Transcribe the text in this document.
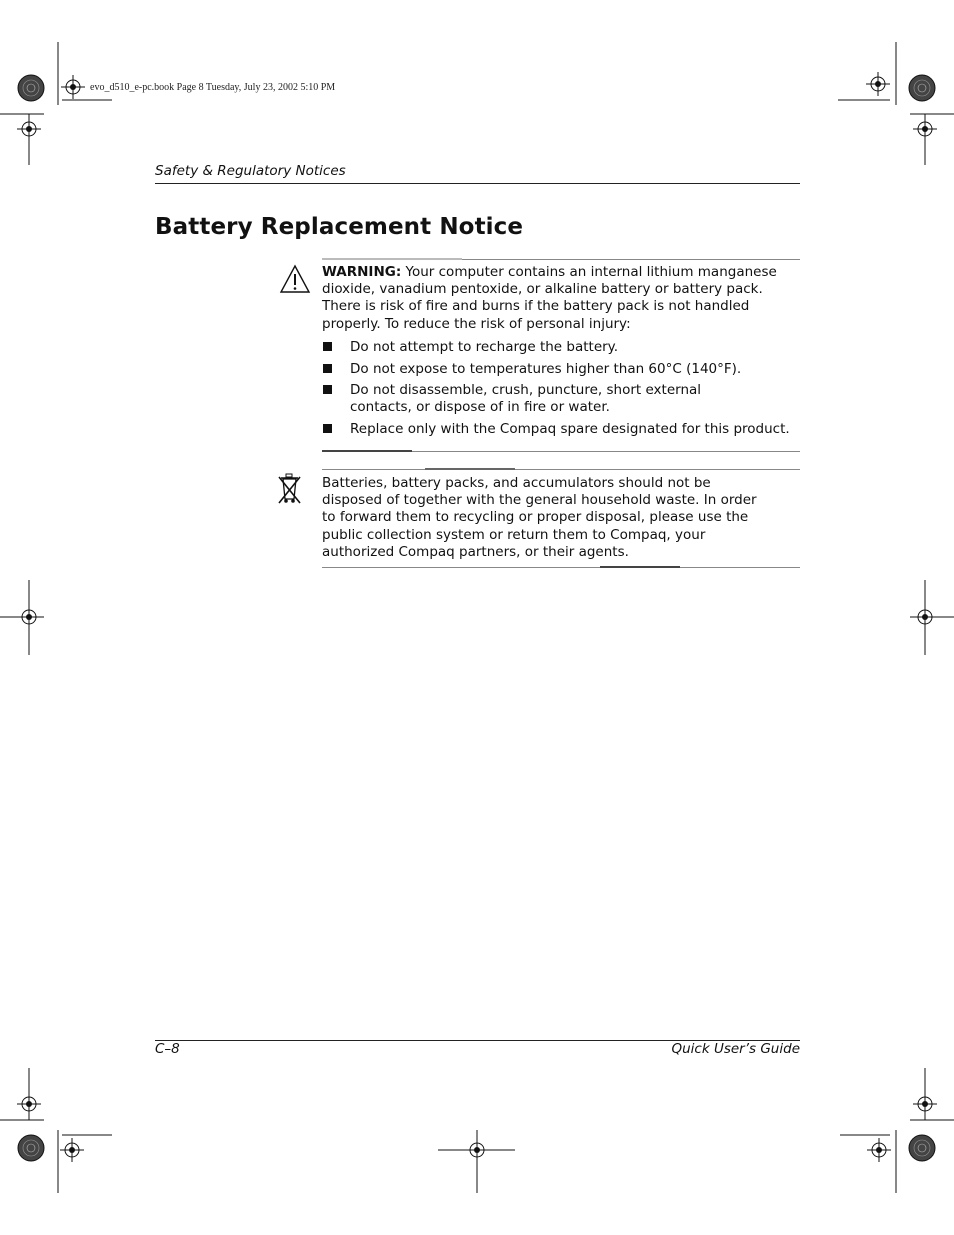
evo_d510_e-pc.book Page 8 Tuesday, July 23, 2002 5:10 PM
Safety & Regulatory Notices
Battery Replacement Notice
WARNING: Your computer contains an internal lithium manganese dioxide, vanadium pentoxide, or alkaline battery or battery pack. There is risk of fire and burns if the battery pack is not handled properly. To reduce the risk of personal injury:
Do not attempt to recharge the battery.
Do not expose to temperatures higher than 60°C (140°F).
Do not disassemble, crush, puncture, short external contacts, or dispose of in fire or water.
Replace only with the Compaq spare designated for this product.
Batteries, battery packs, and accumulators should not be disposed of together with the general household waste. In order to forward them to recycling or proper disposal, please use the public collection system or return them to Compaq, your authorized Compaq partners, or their agents.
C–8	Quick User’s Guide
